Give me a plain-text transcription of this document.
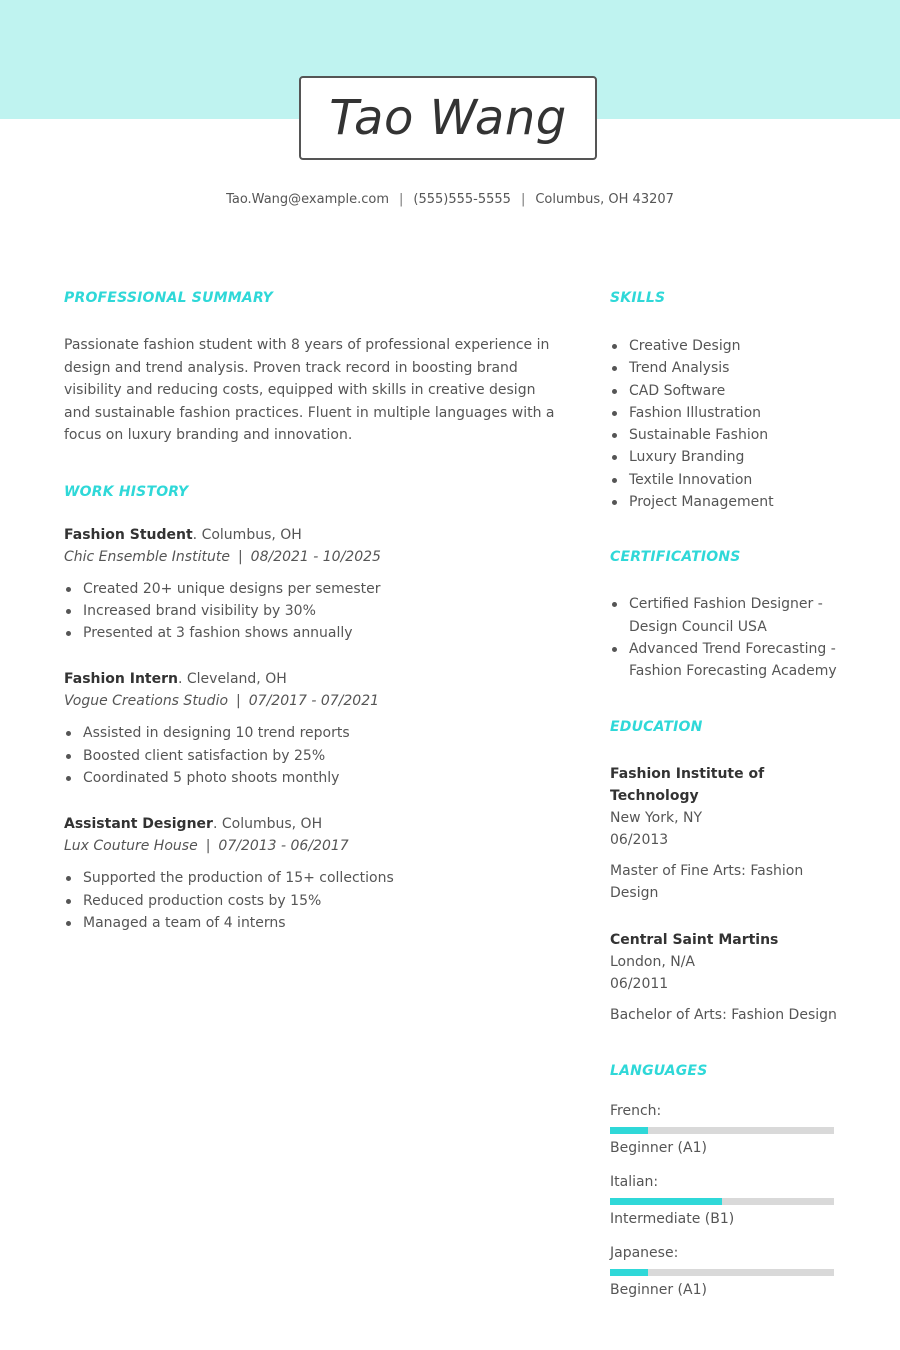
Tao Wang
Tao.Wang@example.com | (555)555-5555 | Columbus, OH 43207
PROFESSIONAL SUMMARY

Passionate fashion student with 8 years of professional experience in design and trend analysis. Proven track record in boosting brand visibility and reducing costs, equipped with skills in creative design and sustainable fashion practices. Fluent in multiple languages with a focus on luxury branding and innovation.

WORK HISTORY
Fashion Student. Columbus, OH
Chic Ensemble Institute | 08/2021 - 10/2025
Created 20+ unique designs per semester
Increased brand visibility by 30%
Presented at 3 fashion shows annually
Fashion Intern. Cleveland, OH
Vogue Creations Studio | 07/2017 - 07/2021
Assisted in designing 10 trend reports
Boosted client satisfaction by 25%
Coordinated 5 photo shoots monthly
Assistant Designer. Columbus, OH
Lux Couture House | 07/2013 - 06/2017
Supported the production of 15+ collections
Reduced production costs by 15%
Managed a team of 4 interns
SKILLS
Creative Design
Trend Analysis
CAD Software
Fashion Illustration
Sustainable Fashion
Luxury Branding
Textile Innovation
Project Management
CERTIFICATIONS
Certified Fashion Designer -
Design Council USA
Advanced Trend Forecasting -
Fashion Forecasting Academy
EDUCATION
Fashion Institute of Technology
New York, NY
06/2013
Master of Fine Arts: Fashion
Design
Central Saint Martins
London, N/A
06/2011
Bachelor of Arts: Fashion Design
LANGUAGES
French:
Beginner (A1)
Italian:
Intermediate (B1)
Japanese:
Beginner (A1)
